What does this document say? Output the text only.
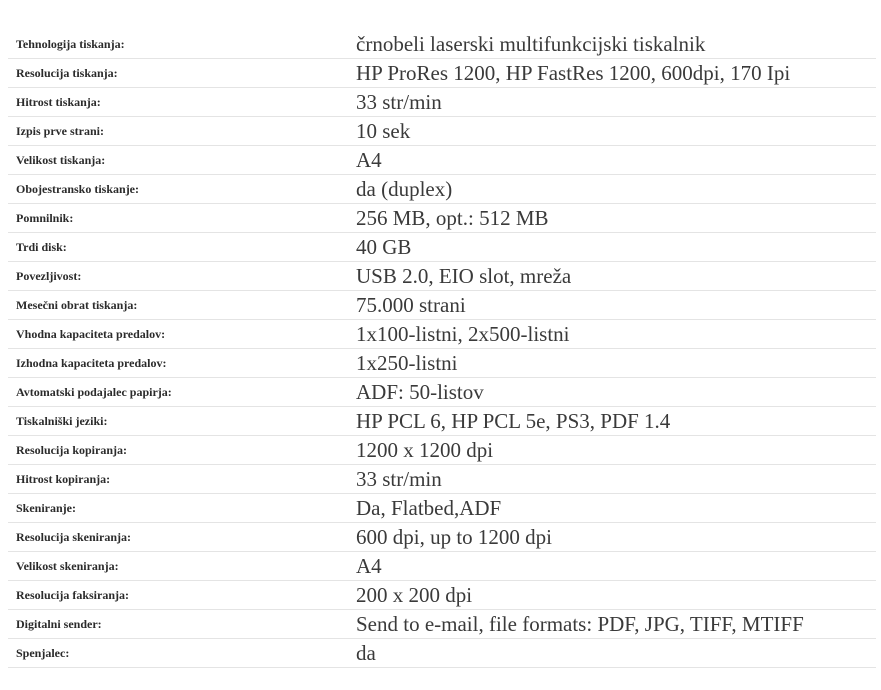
Tehnologija tiskanja:	črnobeli laserski multifunkcijski tiskalnik
Resolucija tiskanja:	HP ProRes 1200, HP FastRes 1200, 600dpi, 170 Ipi
Hitrost tiskanja:	33 str/min
Izpis prve strani:	10 sek
Velikost tiskanja:	A4
Obojestransko tiskanje:	da (duplex)
Pomnilnik:	256 MB, opt.: 512 MB
Trdi disk:	40 GB
Povezljivost:	USB 2.0, EIO slot, mreža
Mesečni obrat tiskanja:	75.000 strani
Vhodna kapaciteta predalov:	1x100-listni, 2x500-listni
Izhodna kapaciteta predalov:	1x250-listni
Avtomatski podajalec papirja:	ADF: 50-listov
Tiskalniški jeziki:	HP PCL 6, HP PCL 5e, PS3, PDF 1.4
Resolucija kopiranja:	1200 x 1200 dpi
Hitrost kopiranja:	33 str/min
Skeniranje:	Da, Flatbed,ADF
Resolucija skeniranja:	600 dpi, up to 1200 dpi
Velikost skeniranja:	A4
Resolucija faksiranja:	200 x 200 dpi
Digitalni sender:	Send to e-mail, file formats: PDF, JPG, TIFF, MTIFF
Spenjalec:	da
